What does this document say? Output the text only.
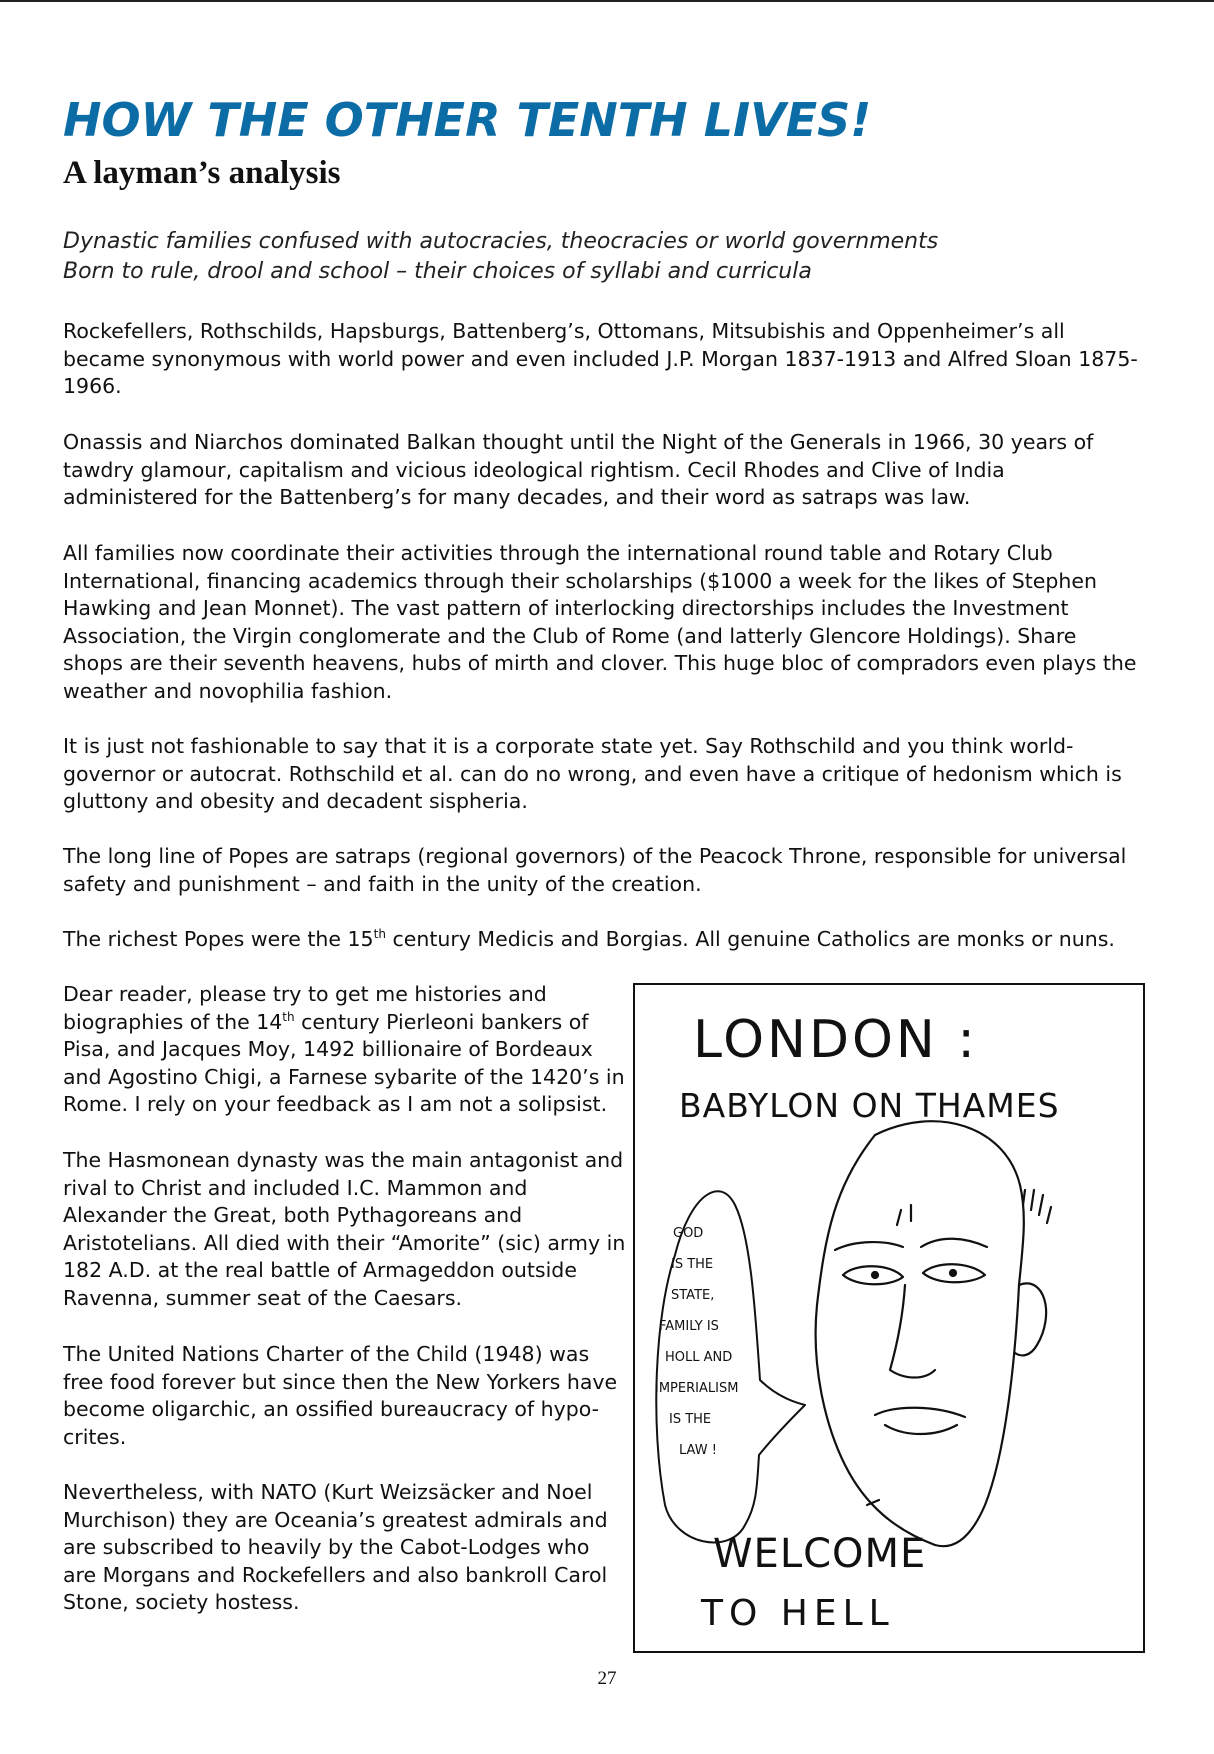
HOW THE OTHER TENTH LIVES!
A layman’s analysis
Dynastic families confused with autocracies, theocracies or world governments
Born to rule, drool and school – their choices of syllabi and curricula

Rockefellers, Rothschilds, Hapsburgs, Battenberg’s, Ottomans, Mitsubishis and Oppenheimer’s all became synonymous with world power and even included J.P. Morgan 1837-1913 and Alfred Sloan 1875-1966.

Onassis and Niarchos dominated Balkan thought until the Night of the Generals in 1966, 30 years of tawdry glamour, capitalism and vicious ideological rightism. Cecil Rhodes and Clive of India administered for the Battenberg’s for many decades, and their word as satraps was law.

All families now coordinate their activities through the international round table and Rotary Club International, financing academics through their scholarships ($1000 a week for the likes of Stephen Hawking and Jean Monnet). The vast pattern of interlocking directorships includes the Investment Association, the Virgin conglomerate and the Club of Rome (and latterly Glencore Holdings). Share shops are their seventh heavens, hubs of mirth and clover. This huge bloc of compradors even plays the weather and novophilia fashion.

It is just not fashionable to say that it is a corporate state yet. Say Rothschild and you think world-governor or autocrat. Rothschild et al. can do no wrong, and even have a critique of hedonism which is gluttony and obesity and decadent sispheria.

The long line of Popes are satraps (regional governors) of the Peacock Throne, responsible for universal safety and punishment – and faith in the unity of the creation.

The richest Popes were the 15th century Medicis and Borgias. All genuine Catholics are monks or nuns.

Dear reader, please try to get me histories and biographies of the 14th century Pierleoni bankers of Pisa, and Jacques Moy, 1492 billionaire of Bordeaux and Agostino Chigi, a Farnese sybarite of the 1420’s in Rome. I rely on your feedback as I am not a solipsist.

The Hasmonean dynasty was the main antagonist and rival to Christ and included I.C. Mammon and Alexander the Great, both Pythagoreans and Aristotelians. All died with their “Amorite” (sic) army in 182 A.D. at the real battle of Armageddon outside Ravenna, summer seat of the Caesars.

The United Nations Charter of the Child (1948) was free food forever but since then the New Yorkers have become oligarchic, an ossified bureaucracy of hypo-crites.

Nevertheless, with NATO (Kurt Weizsäcker and Noel Murchison) they are Oceania’s greatest admirals and are subscribed to heavily by the Cabot-Lodges who are Morgans and Rockefellers and also bankroll Carol Stone, society hostess.

LONDON :
BABYLON ON THAMES
GOD
IS THE
STATE,
FAMILY IS
HOLL AND
IMPERIALISM
IS THE
LAW !
WELCOME
TO HELL
27
